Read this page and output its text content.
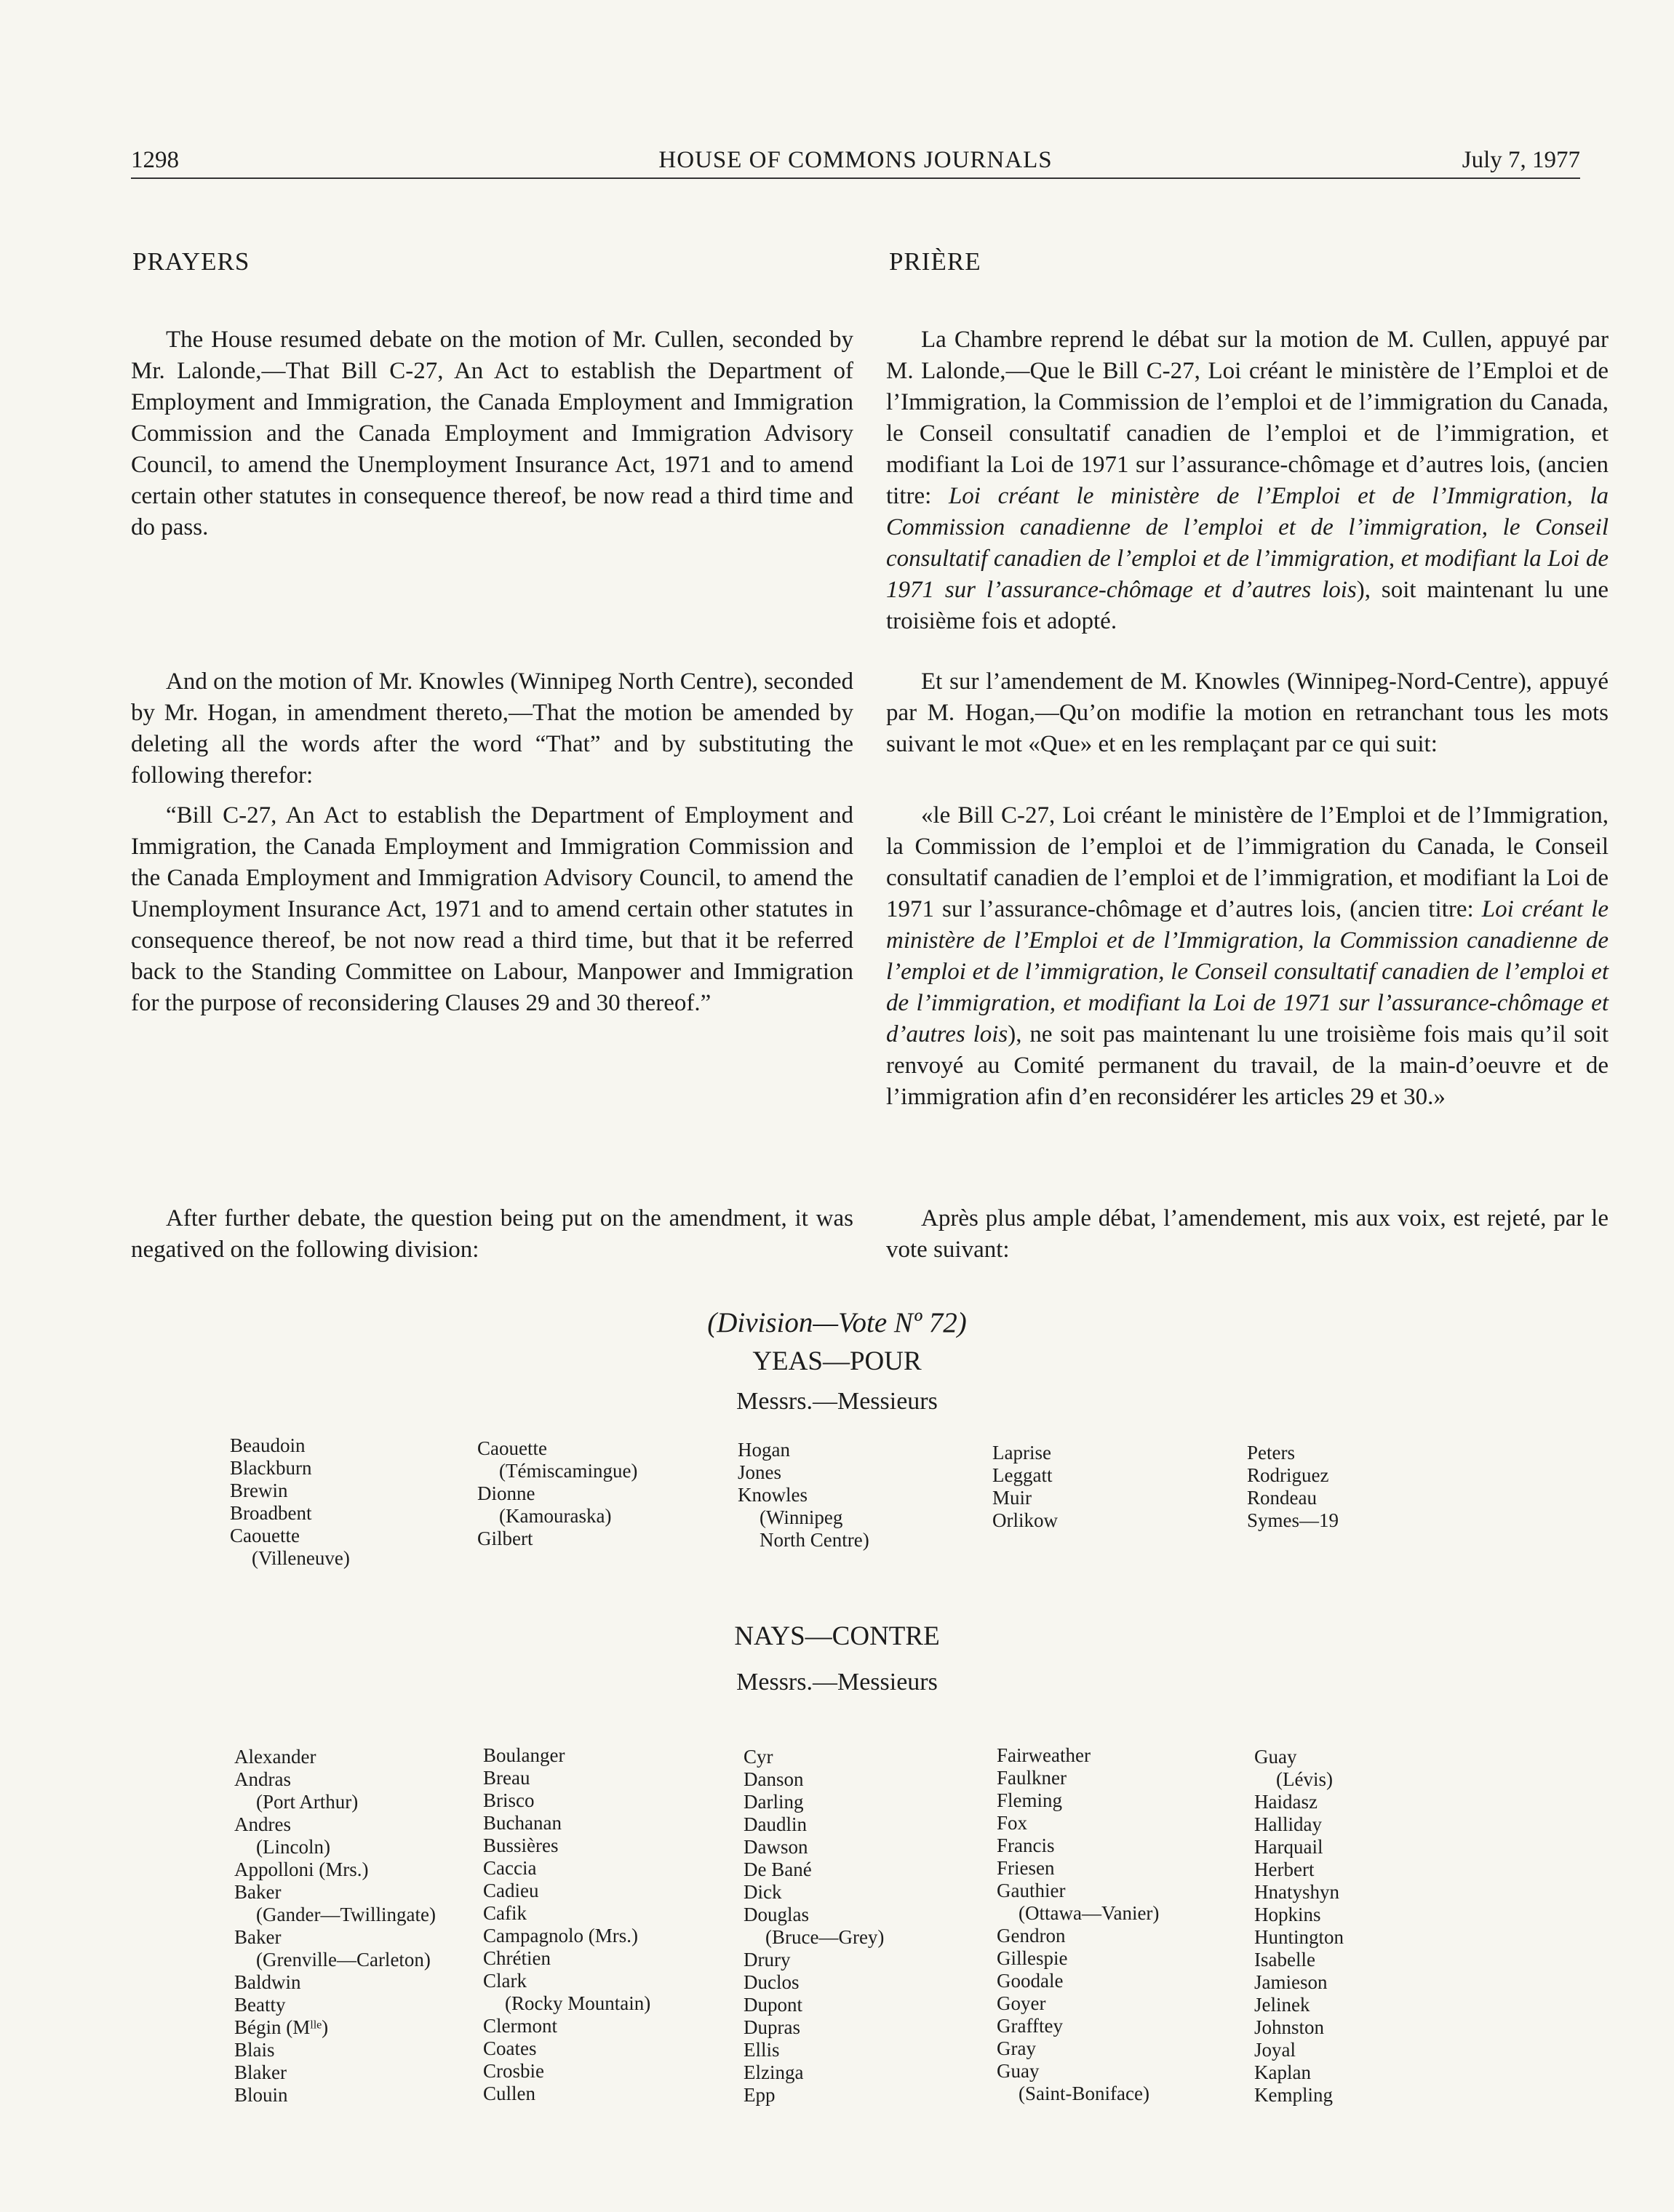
1298	HOUSE OF COMMONS JOURNALS	July 7, 1977
PRAYERS

The House resumed debate on the motion of Mr. Cullen, seconded by Mr. Lalonde,—That Bill C-27, An Act to establish the Department of Employment and Immigration, the Canada Employment and Immigration Commission and the Canada Employment and Immigration Advisory Council, to amend the Unemployment Insurance Act, 1971 and to amend certain other statutes in consequence thereof, be now read a third time and do pass.

And on the motion of Mr. Knowles (Winnipeg North Centre), seconded by Mr. Hogan, in amendment thereto,—That the motion be amended by deleting all the words after the word “That” and by substituting the following therefor:

“Bill C-27, An Act to establish the Department of Employment and Immigration, the Canada Employment and Immigration Commission and the Canada Employment and Immigration Advisory Council, to amend the Unemployment Insurance Act, 1971 and to amend certain other statutes in consequence thereof, be not now read a third time, but that it be referred back to the Standing Committee on Labour, Manpower and Immigration for the purpose of reconsidering Clauses 29 and 30 thereof.”

After further debate, the question being put on the amendment, it was negatived on the following division:

PRIÈRE

La Chambre reprend le débat sur la motion de M. Cullen, appuyé par M. Lalonde,—Que le Bill C-27, Loi créant le ministère de l’Emploi et de l’Immigration, la Commission de l’emploi et de l’immigration du Canada, le Conseil consultatif canadien de l’emploi et de l’immigration, et modifiant la Loi de 1971 sur l’assurance-chômage et d’autres lois, (ancien titre: Loi créant le ministère de l’Emploi et de l’Immigration, la Commission canadienne de l’emploi et de l’immigration, le Conseil consultatif canadien de l’emploi et de l’immigration, et modifiant la Loi de 1971 sur l’assurance-chômage et d’autres lois), soit maintenant lu une troisième fois et adopté.

Et sur l’amendement de M. Knowles (Winnipeg-Nord-Centre), appuyé par M. Hogan,—Qu’on modifie la motion en retranchant tous les mots suivant le mot «Que» et en les remplaçant par ce qui suit:

«le Bill C-27, Loi créant le ministère de l’Emploi et de l’Immigration, la Commission de l’emploi et de l’immigration du Canada, le Conseil consultatif canadien de l’emploi et de l’immigration, et modifiant la Loi de 1971 sur l’assurance-chômage et d’autres lois, (ancien titre: Loi créant le ministère de l’Emploi et de l’Immigration, la Commission canadienne de l’emploi et de l’immigration, le Conseil consultatif canadien de l’emploi et de l’immigration, et modifiant la Loi de 1971 sur l’assurance-chômage et d’autres lois), ne soit pas maintenant lu une troisième fois mais qu’il soit renvoyé au Comité permanent du travail, de la main-d’oeuvre et de l’immigration afin d’en reconsidérer les articles 29 et 30.»

Après plus ample débat, l’amendement, mis aux voix, est rejeté, par le vote suivant:

(Division—Vote Nº 72)
YEAS—POUR
Messrs.—Messieurs
Beaudoin
Blackburn
Brewin
Broadbent
Caouette
(Villeneuve)
Caouette
(Témiscamingue)
Dionne
(Kamouraska)
Gilbert
Hogan
Jones
Knowles
(Winnipeg
North Centre)
Laprise
Leggatt
Muir
Orlikow
Peters
Rodriguez
Rondeau
Symes—19
NAYS—CONTRE
Messrs.—Messieurs
Alexander
Andras
(Port Arthur)
Andres
(Lincoln)
Appolloni (Mrs.)
Baker
(Gander—Twillingate)
Baker
(Grenville—Carleton)
Baldwin
Beatty
Bégin (Mˡˡᵉ)
Blais
Blaker
Blouin
Boulanger
Breau
Brisco
Buchanan
Bussières
Caccia
Cadieu
Cafik
Campagnolo (Mrs.)
Chrétien
Clark
(Rocky Mountain)
Clermont
Coates
Crosbie
Cullen
Cyr
Danson
Darling
Daudlin
Dawson
De Bané
Dick
Douglas
(Bruce—Grey)
Drury
Duclos
Dupont
Dupras
Ellis
Elzinga
Epp
Fairweather
Faulkner
Fleming
Fox
Francis
Friesen
Gauthier
(Ottawa—Vanier)
Gendron
Gillespie
Goodale
Goyer
Grafftey
Gray
Guay
(Saint-Boniface)
Guay
(Lévis)
Haidasz
Halliday
Harquail
Herbert
Hnatyshyn
Hopkins
Huntington
Isabelle
Jamieson
Jelinek
Johnston
Joyal
Kaplan
Kempling
